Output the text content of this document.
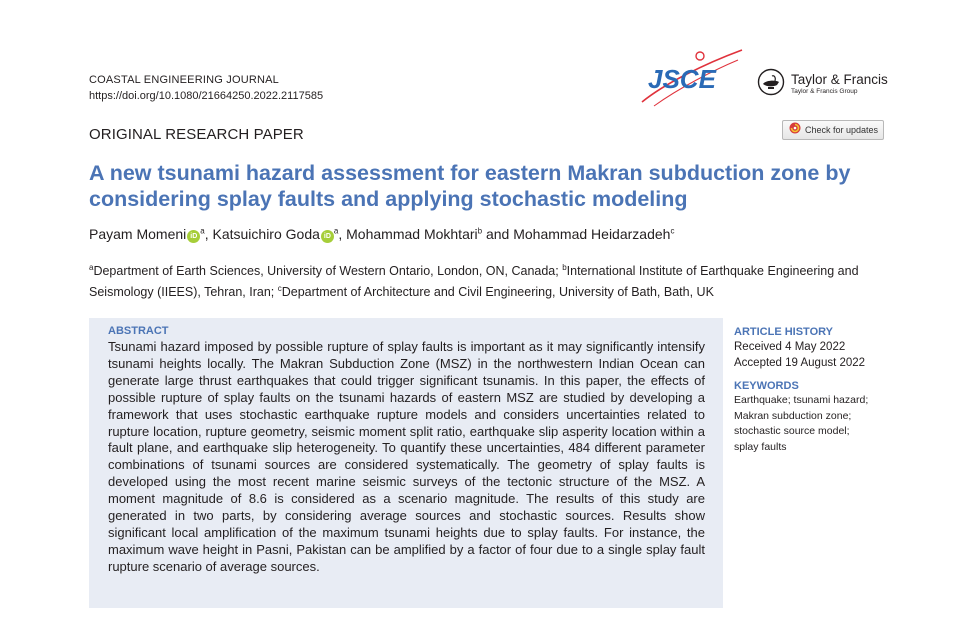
COASTAL ENGINEERING JOURNAL
https://doi.org/10.1080/21664250.2022.2117585
JSCE	Taylor & Francis
Taylor & Francis Group
ORIGINAL RESEARCH PAPER	Check for updates
A new tsunami hazard assessment for eastern Makran subduction zone by considering splay faults and applying stochastic modeling
Payam Momeni $iD^a$, Katsuichiro Goda $iD^a$, Mohammad Mokhtari$^b$ and Mohammad Heidarzadeh$^c$
$^a$Department of Earth Sciences, University of Western Ontario, London, ON, Canada; $^b$International Institute of Earthquake Engineering and Seismology (IIEES), Tehran, Iran; $^c$Department of Architecture and Civil Engineering, University of Bath, Bath, UK
ABSTRACT
Tsunami hazard imposed by possible rupture of splay faults is important as it may significantly intensify tsunami heights locally. The Makran Subduction Zone (MSZ) in the northwestern Indian Ocean can generate large thrust earthquakes that could trigger significant tsunamis. In this paper, the effects of possible rupture of splay faults on the tsunami hazards of eastern MSZ are studied by developing a framework that uses stochastic earthquake rupture models and considers uncertainties related to rupture location, rupture geometry, seismic moment split ratio, earthquake slip asperity location within a fault plane, and earthquake slip heterogeneity. To quantify these uncertainties, 484 different parameter combinations of tsunami sources are considered systematically. The geometry of splay faults is developed using the most recent marine seismic surveys of the tectonic structure of the MSZ. A moment magnitude of 8.6 is considered as a scenario magnitude. The results of this study are generated in two parts, by considering average sources and stochastic sources. Results show significant local amplification of the maximum tsunami heights due to splay faults. For instance, the maximum wave height in Pasni, Pakistan can be amplified by a factor of four due to a single splay fault rupture scenario of average sources.
ARTICLE HISTORY
Received 4 May 2022
Accepted 19 August 2022
KEYWORDS
Earthquake; tsunami hazard;
Makran subduction zone;
stochastic source model;
splay faults
